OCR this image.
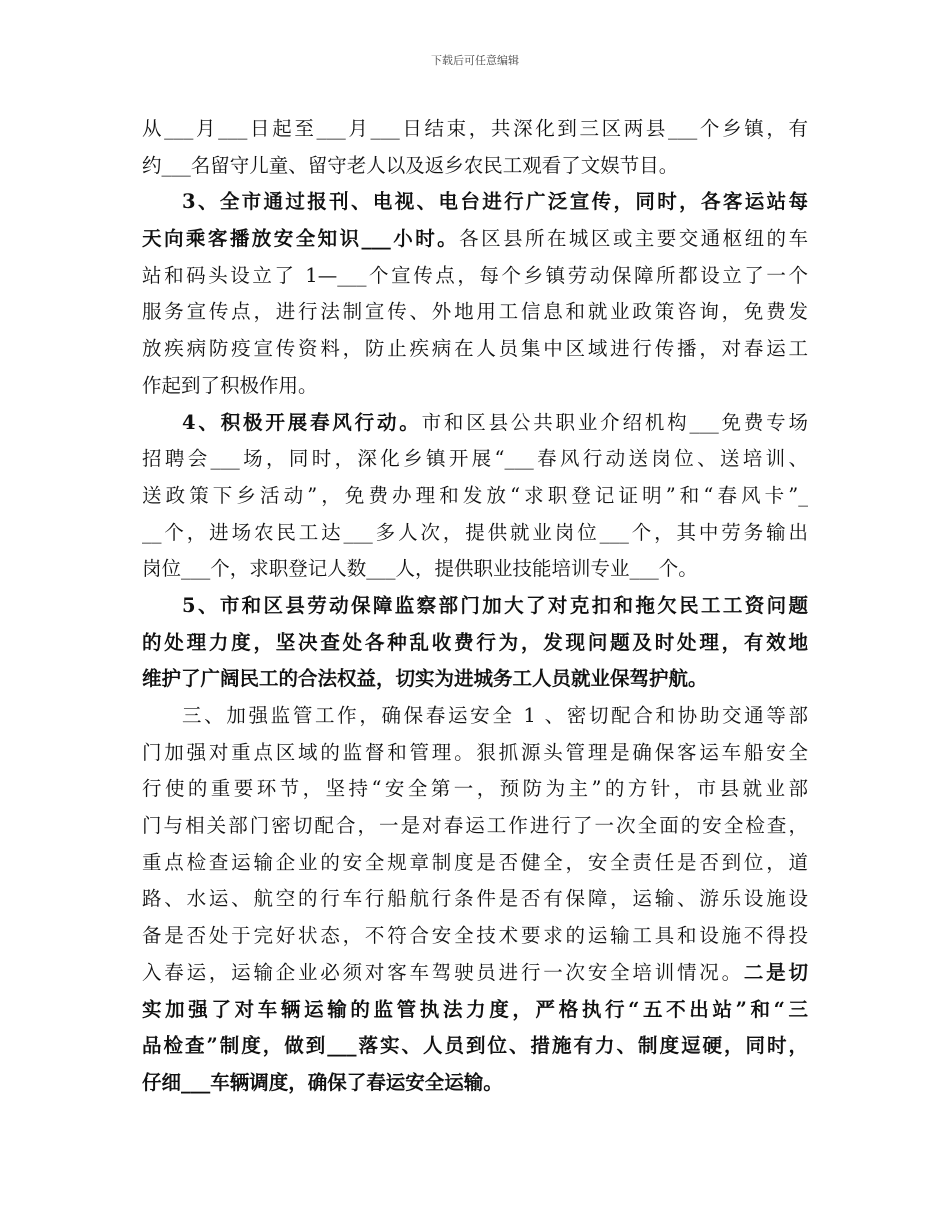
下载后可任意编辑
从___月___日起至___月___日结束，共深化到三区两县___个乡镇，有
约___名留守儿童、留守老人以及返乡农民工观看了文娱节目。
3、全市通过报刊、电视、电台进行广泛宣传，同时，各客运站每
天向乘客播放安全知识___小时。各区县所在城区或主要交通枢纽的车
站和码头设立了 1—___个宣传点，每个乡镇劳动保障所都设立了一个
服务宣传点，进行法制宣传、外地用工信息和就业政策咨询，免费发
放疾病防疫宣传资料，防止疾病在人员集中区域进行传播，对春运工
作起到了积极作用。
4、积极开展春风行动。市和区县公共职业介绍机构___免费专场
招聘会___场，同时，深化乡镇开展“___春风行动送岗位、送培训、
送政策下乡活动”，免费办理和发放“求职登记证明”和“春风卡”_
__个，进场农民工达___多人次，提供就业岗位___个，其中劳务输出
岗位___个，求职登记人数___人，提供职业技能培训专业___个。
5、市和区县劳动保障监察部门加大了对克扣和拖欠民工工资问题
的处理力度，坚决查处各种乱收费行为，发现问题及时处理，有效地
维护了广阔民工的合法权益，切实为进城务工人员就业保驾护航。
三、加强监管工作，确保春运安全 1 、密切配合和协助交通等部
门加强对重点区域的监督和管理。狠抓源头管理是确保客运车船安全
行使的重要环节，坚持“安全第一，预防为主”的方针，市县就业部
门与相关部门密切配合，一是对春运工作进行了一次全面的安全检查，
重点检查运输企业的安全规章制度是否健全，安全责任是否到位，道
路、水运、航空的行车行船航行条件是否有保障，运输、游乐设施设
备是否处于完好状态，不符合安全技术要求的运输工具和设施不得投
入春运，运输企业必须对客车驾驶员进行一次安全培训情况。二是切
实加强了对车辆运输的监管执法力度，严格执行“五不出站”和“三
品检查”制度，做到___落实、人员到位、措施有力、制度逗硬，同时，
仔细___车辆调度，确保了春运安全运输。
